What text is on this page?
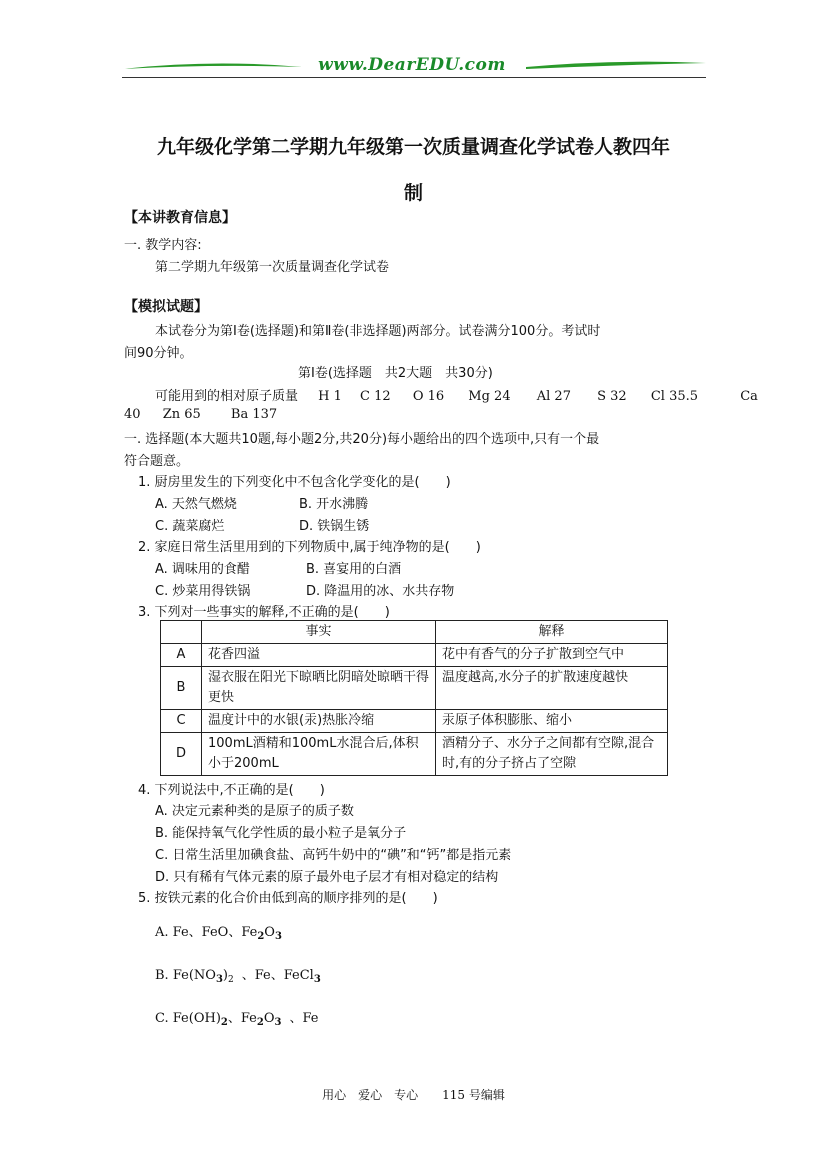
www.DearEDU.com
九年级化学第二学期九年级第一次质量调查化学试卷人教四年
制
【本讲教育信息】
一. 教学内容:
第二学期九年级第一次质量调查化学试卷
【模拟试题】
本试卷分为第Ⅰ卷(选择题)和第Ⅱ卷(非选择题)两部分。试卷满分100分。考试时
间90分钟。
第Ⅰ卷(选择题　共2大题　共30分)
可能用到的相对原子质量 H 1 C 12 O 16 Mg 24 Al 27 S 32 Cl 35.5	Ca
40 Zn 65 Ba 137
一. 选择题(本大题共10题,每小题2分,共20分)每小题给出的四个选项中,只有一个最
符合题意。
1. 厨房里发生的下列变化中不包含化学变化的是(　　)
A. 天然气燃烧	B. 开水沸腾
C. 蔬菜腐烂	D. 铁锅生锈
2. 家庭日常生活里用到的下列物质中,属于纯净物的是(　　)
A. 调味用的食醋	B. 喜宴用的白酒
C. 炒菜用得铁锅	D. 降温用的冰、水共存物
3. 下列对一些事实的解释,不正确的是(　　)
	事实	解释
A	花香四溢	花中有香气的分子扩散到空气中
B	湿衣服在阳光下晾晒比阴暗处晾晒干得更快	温度越高,水分子的扩散速度越快
C	温度计中的水银(汞)热胀冷缩	汞原子体积膨胀、缩小
D	100mL酒精和100mL水混合后,体积小于200mL	酒精分子、水分子之间都有空隙,混合时,有的分子挤占了空隙
4. 下列说法中,不正确的是(　　)
A. 决定元素种类的是原子的质子数
B. 能保持氧气化学性质的最小粒子是氧分子
C. 日常生活里加碘食盐、高钙牛奶中的“碘”和“钙”都是指元素
D. 只有稀有气体元素的原子最外电子层才有相对稳定的结构
5. 按铁元素的化合价由低到高的顺序排列的是(　　)
A. Fe、FeO、$Fe_2O_3$
B. $Fe(NO_3)_2$ 、Fe、FeCl$_3$
C. $Fe(OH)_2$、$Fe_2O_3$ 、Fe
用心　爱心　专心　　115 号编辑
